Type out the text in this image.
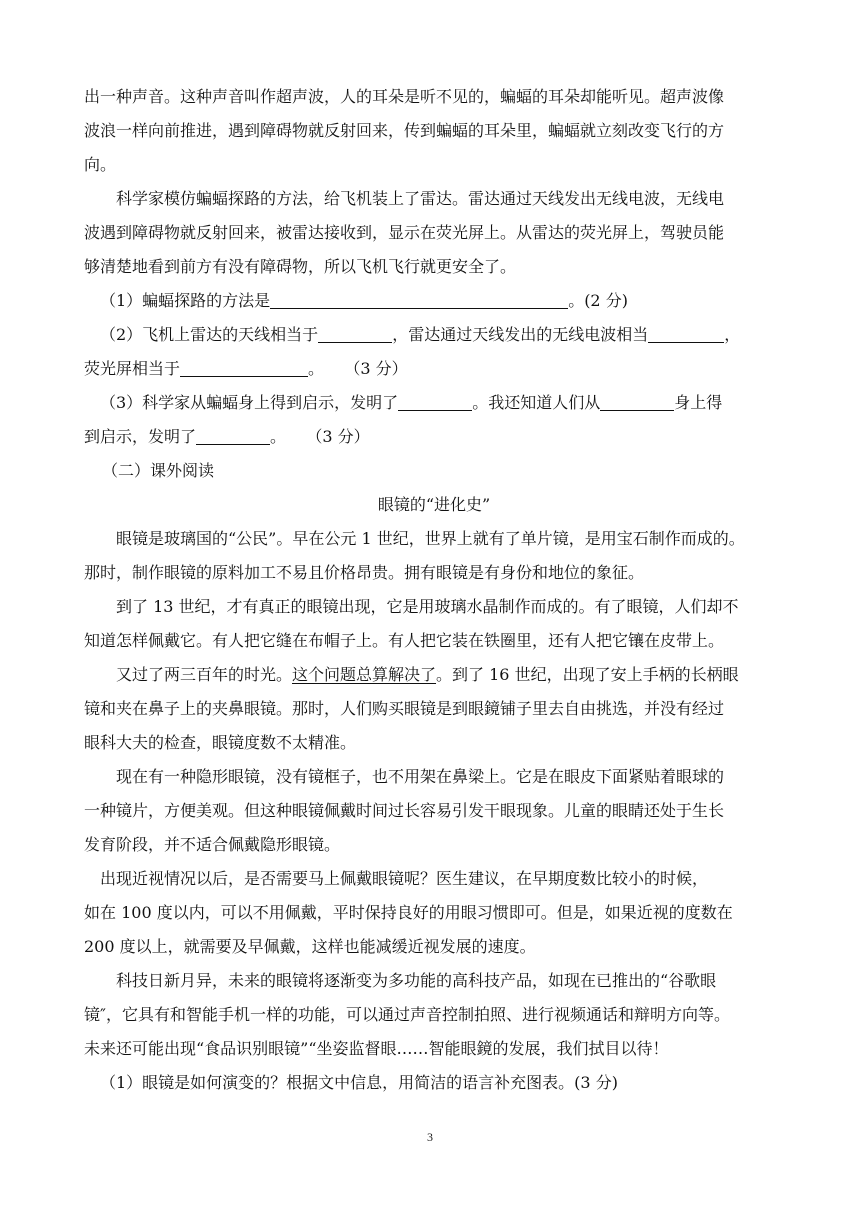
出一种声音。这种声音叫作超声波，人的耳朵是听不见的，蝙蝠的耳朵却能听见。超声波像
波浪一样向前推进，遇到障碍物就反射回来，传到蝙蝠的耳朵里，蝙蝠就立刻改变飞行的方
向。
科学家模仿蝙蝠探路的方法，给飞机装上了雷达。雷达通过天线发出无线电波，无线电
波遇到障碍物就反射回来，被雷达接收到，显示在荧光屏上。从雷达的荧光屏上，驾驶员能
够清楚地看到前方有没有障碍物，所以飞机飞行就更安全了。
（1）蝙蝠探路的方法是	。(2 分)
（2）飞机上雷达的天线相当于	，雷达通过天线发出的无线电波相当	，
荧光屏相当于	。    （3 分）
（3）科学家从蝙蝠身上得到启示，发明了	。我还知道人们从	身上得
到启示，发明了	。    （3 分）
（二）课外阅读
眼镜的“进化史”
眼镜是玻璃国的“公民”。早在公元 1 世纪，世界上就有了单片镜，是用宝石制作而成的。
那时，制作眼镜的原料加工不易且价格昂贵。拥有眼镜是有身份和地位的象征。
到了 13 世纪，才有真正的眼镜出现，它是用玻璃水晶制作而成的。有了眼镜，人们却不
知道怎样佩戴它。有人把它缝在布帽子上。有人把它装在铁圈里，还有人把它镶在皮带上。
又过了两三百年的时光。这个问题总算解决了。到了 16 世纪，出现了安上手柄的长柄眼
镜和夹在鼻子上的夹鼻眼镜。那时，人们购买眼镜是到眼鏡铺子里去自由挑选，并没有经过
眼科大夫的检查，眼镜度数不太精准。
现在有一种隐形眼镜，没有镜框子，也不用架在鼻梁上。它是在眼皮下面紧贴着眼球的
一种镜片，方便美观。但这种眼镜佩戴时间过长容易引发干眼现象。儿童的眼睛还处于生长
发育阶段，并不适合佩戴隐形眼镜。
出现近视情况以后，是否需要马上佩戴眼镜呢？医生建议，在早期度数比较小的时候，
如在 100 度以内，可以不用佩戴，平时保持良好的用眼习惯即可。但是，如果近视的度数在
200 度以上，就需要及早佩戴，这样也能减缓近视发展的速度。
科技日新月异，未来的眼镜将逐渐变为多功能的高科技产品，如现在已推出的“谷歌眼
镜″，它具有和智能手机一样的功能，可以通过声音控制拍照、进行视频通话和辩明方向等。
未来还可能出现“食品识别眼镜”“坐姿监督眼……智能眼鏡的发展，我们拭目以待！
（1）眼镜是如何演变的？根据文中信息，用简洁的语言补充图表。(3 分)
3
